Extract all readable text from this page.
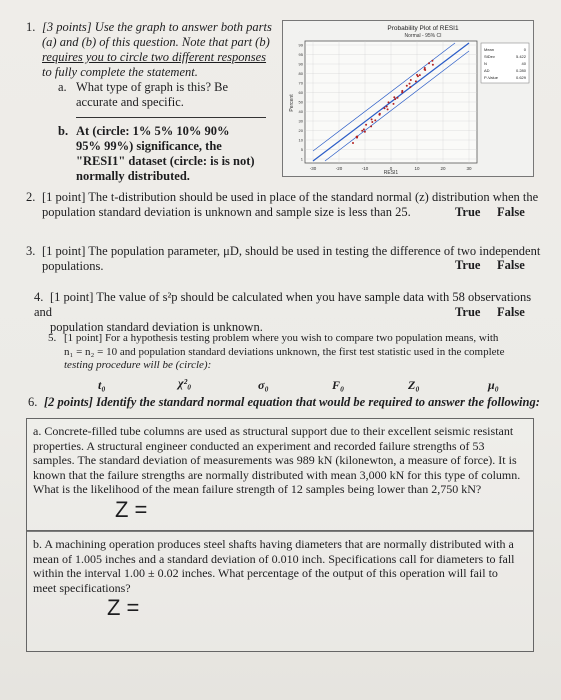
1. [3 points] Use the graph to answer both parts
(a) and (b) of this question. Note that part (b)
requires you to circle two different responses
to fully complete the statement.
a. What type of graph is this? Be
accurate and specific.
b. At (circle: 1% 5% 10% 90%
95% 99%) significance, the
"RESI1" dataset (circle: is is not)
normally distributed.
Probability Plot of RESI1
Normal - 95% CI
99
95
90
80
70
60
50
40
30
20
10
5
1
-30	-20	-10	0	10	20	30
Percent
RESI1
Mean	0
StDev	5.422
N	40
AD	0.280
P-Value	0.629
2. [1 point] The t-distribution should be used in place of the standard normal (z) distribution when the
population standard deviation is unknown and sample size is less than 25.	True False
3. [1 point] The population parameter, μD, should be used in testing the difference of two independent
populations.	True False
4. [1 point] The value of s²p should be calculated when you have sample data with 58 observations and
population standard deviation is unknown.
True False
5. [1 point] For a hypothesis testing problem where you wish to compare two population means, with
n₁ = n₂ = 10 and population standard deviations unknown, the first test statistic used in the complete
testing procedure will be (circle):
t₀	χ²₀	σ₀	F₀	Z₀	μ₀
6. [2 points] Identify the standard normal equation that would be required to answer the following:
a. Concrete-filled tube columns are used as structural support due to their excellent seismic resistant
properties. A structural engineer conducted an experiment and recorded failure strengths of 53
samples. The standard deviation of measurements was 989 kN (kilonewton, a measure of force). It is
known that the failure strengths are normally distributed with mean 3,000 kN for this type of column.
What is the likelihood of the mean failure strength of 12 samples being lower than 2,750 kN?
Z =
b. A machining operation produces steel shafts having diameters that are normally distributed with a
mean of 1.005 inches and a standard deviation of 0.010 inch. Specifications call for diameters to fall
within the interval 1.00 ± 0.02 inches. What percentage of the output of this operation will fail to
meet specifications?
Z =
